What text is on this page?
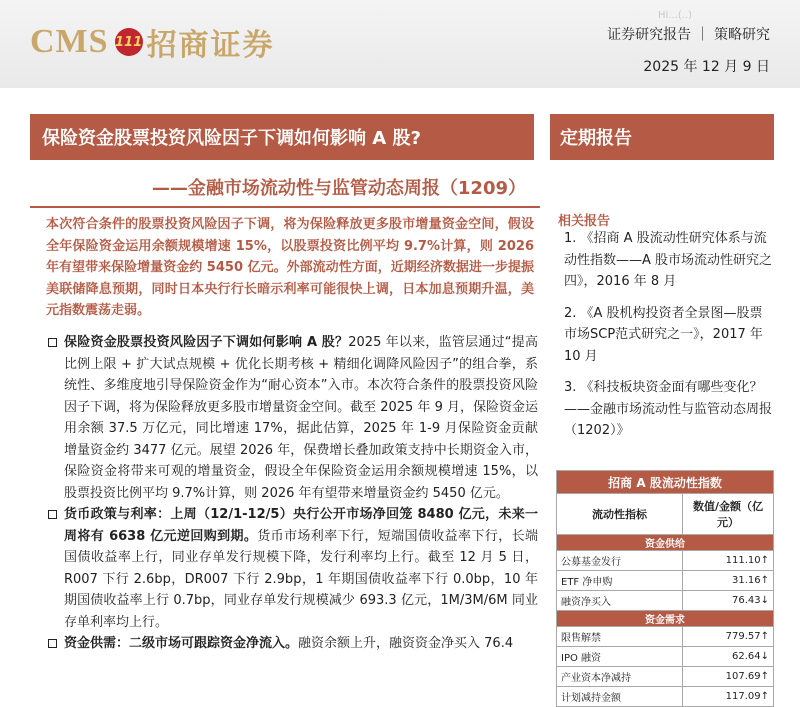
CMS 111 招商证券
Hi...(..)
证券研究报告 ｜ 策略研究
2025 年 12 月 9 日
保险资金股票投资风险因子下调如何影响 A 股?
——金融市场流动性与监管动态周报（1209）
定期报告
本次符合条件的股票投资风险因子下调，将为保险释放更多股市增量资金空间，假设全年保险资金运用余额规模增速 15%，以股票投资比例平均 9.7%计算，则 2026 年有望带来保险增量资金约 5450 亿元。外部流动性方面，近期经济数据进一步提振美联储降息预期，同时日本央行行长暗示利率可能很快上调，日本加息预期升温，美元指数震荡走弱。
保险资金股票投资风险因子下调如何影响 A 股？2025 年以来，监管层通过“提高比例上限 + 扩大试点规模 + 优化长期考核 + 精细化调降风险因子”的组合拳，系统性、多维度地引导保险资金作为“耐心资本”入市。本次符合条件的股票投资风险因子下调，将为保险释放更多股市增量资金空间。截至 2025 年 9 月，保险资金运用余额 37.5 万亿元，同比增速 17%，据此估算，2025 年 1-9 月保险资金贡献增量资金约 3477 亿元。展望 2026 年，保费增长叠加政策支持中长期资金入市，保险资金将带来可观的增量资金，假设全年保险资金运用余额规模增速 15%，以股票投资比例平均 9.7%计算，则 2026 年有望带来增量资金约 5450 亿元。
货币政策与利率：上周（12/1-12/5）央行公开市场净回笼 8480 亿元，未来一周将有 6638 亿元逆回购到期。货币市场利率下行，短端国债收益率下行，长端国债收益率上行，同业存单发行规模下降，发行利率均上行。截至 12 月 5 日，R007 下行 2.6bp，DR007 下行 2.9bp，1 年期国债收益率下行 0.0bp，10 年期国债收益率上行 0.7bp，同业存单发行规模减少 693.3 亿元，1M/3M/6M 同业存单利率均上行。
资金供需：二级市场可跟踪资金净流入。融资余额上升，融资资金净买入 76.4
相关报告
1. 《招商 A 股流动性研究体系与流动性指数——A 股市场流动性研究之四》，2016 年 8 月
2. 《A 股机构投资者全景图—股票市场SCP范式研究之一》，2017 年 10 月
3. 《科技板块资金面有哪些变化？——金融市场流动性与监管动态周报（1202）》
招商 A 股流动性指数	
流动性指标	数值/金额（亿元）
资金供给	
公募基金发行	111.10↑
ETF 净申购	31.16↑
融资净买入	76.43↓
资金需求	
限售解禁	779.57↑
IPO 融资	62.64↓
产业资本净减持	107.69↑
计划减持金额	117.09↑
